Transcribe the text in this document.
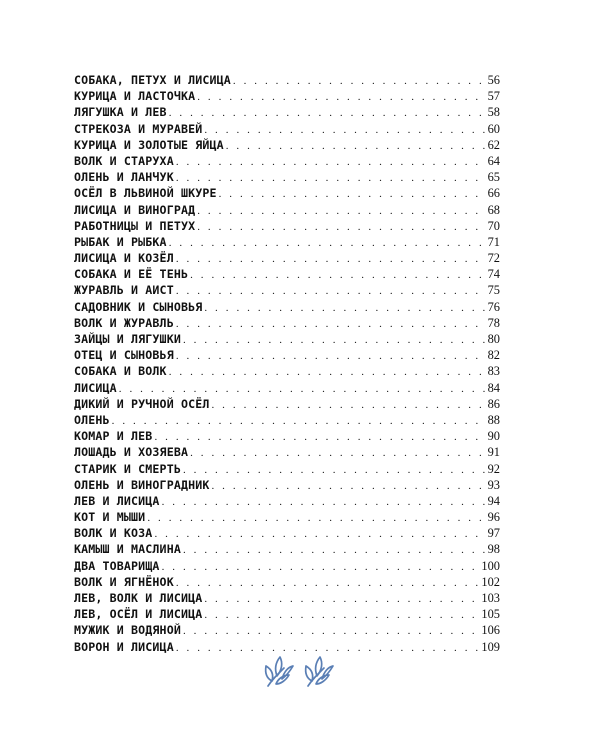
СОБАКА, ПЕТУХ И ЛИСИЦА . . .	56
КУРИЦА И ЛАСТОЧКА . . .	57
ЛЯГУШКА И ЛЕВ . . .	58
СТРЕКОЗА И МУРАВЕЙ . . .	60
КУРИЦА И ЗОЛОТЫЕ ЯЙЦА . . .	62
ВОЛК И СТАРУХА . . .	64
ОЛЕНЬ И ЛАНЧУК . . .	65
ОСЁЛ В ЛЬВИНОЙ ШКУРЕ . . .	66
ЛИСИЦА И ВИНОГРАД . . .	68
РАБОТНИЦЫ И ПЕТУХ . . .	70
РЫБАК И РЫБКА . . .	71
ЛИСИЦА И КОЗЁЛ . . .	72
СОБАКА И ЕЁ ТЕНЬ . . .	74
ЖУРАВЛЬ И АИСТ . . .	75
САДОВНИК И СЫНОВЬЯ . . .	76
ВОЛК И ЖУРАВЛЬ . . .	78
ЗАЙЦЫ И ЛЯГУШКИ . . .	80
ОТЕЦ И СЫНОВЬЯ . . .	82
СОБАКА И ВОЛК . . .	83
ЛИСИЦА . . .	84
ДИКИЙ И РУЧНОЙ ОСЁЛ . . .	86
ОЛЕНЬ . . .	88
КОМАР И ЛЕВ . . .	90
ЛОШАДЬ И ХОЗЯЕВА . . .	91
СТАРИК И СМЕРТЬ . . .	92
ОЛЕНЬ И ВИНОГРАДНИК . . .	93
ЛЕВ И ЛИСИЦА . . .	94
КОТ И МЫШИ . . .	96
ВОЛК И КОЗА . . .	97
КАМЫШ И МАСЛИНА . . .	98
ДВА ТОВАРИЩА . . .	100
ВОЛК И ЯГНЁНОК . . .	102
ЛЕВ, ВОЛК И ЛИСИЦА . . .	103
ЛЕВ, ОСЁЛ И ЛИСИЦА . . .	105
МУЖИК И ВОДЯНОЙ . . .	106
ВОРОН И ЛИСИЦА . . .	109
